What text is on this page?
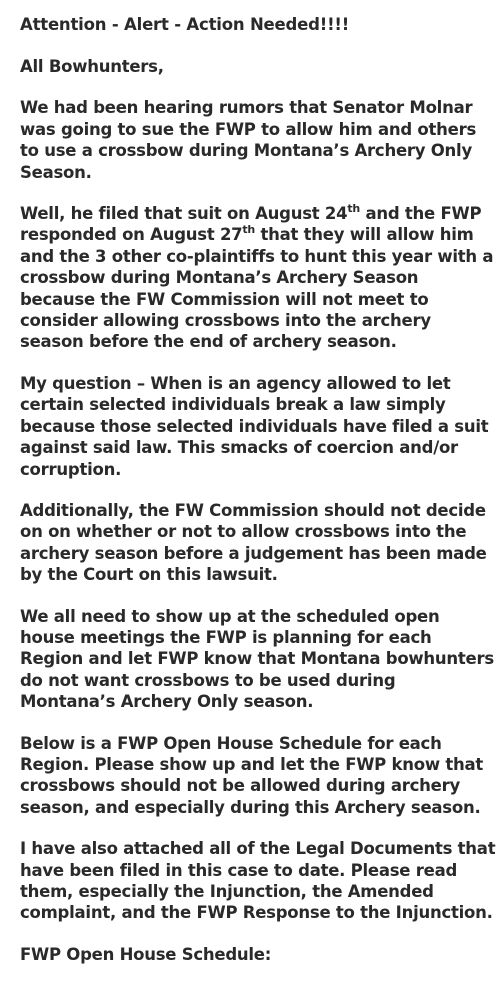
Attention - Alert - Action Needed!!!!
All Bowhunters,
We had been hearing rumors that Senator Molnar was going to sue the FWP to allow him and others to use a crossbow during Montana’s Archery Only Season.
Well, he filed that suit on August 24th and the FWP responded on August 27th that they will allow him and the 3 other co-plaintiffs to hunt this year with a crossbow during Montana’s Archery Season because the FW Commission will not meet to consider allowing crossbows into the archery season before the end of archery season.
My question – When is an agency allowed to let certain selected individuals break a law simply because those selected individuals have filed a suit against said law. This smacks of coercion and/or corruption.
Additionally, the FW Commission should not decide on on whether or not to allow crossbows into the archery season before a judgement has been made by the Court on this lawsuit.
We all need to show up at the scheduled open house meetings the FWP is planning for each Region and let FWP know that Montana bowhunters do not want crossbows to be used during Montana’s Archery Only season.
Below is a FWP Open House Schedule for each Region. Please show up and let the FWP know that crossbows should not be allowed during archery season, and especially during this Archery season.
I have also attached all of the Legal Documents that have been filed in this case to date. Please read them, especially the Injunction, the Amended complaint, and the FWP Response to the Injunction.
FWP Open House Schedule:
